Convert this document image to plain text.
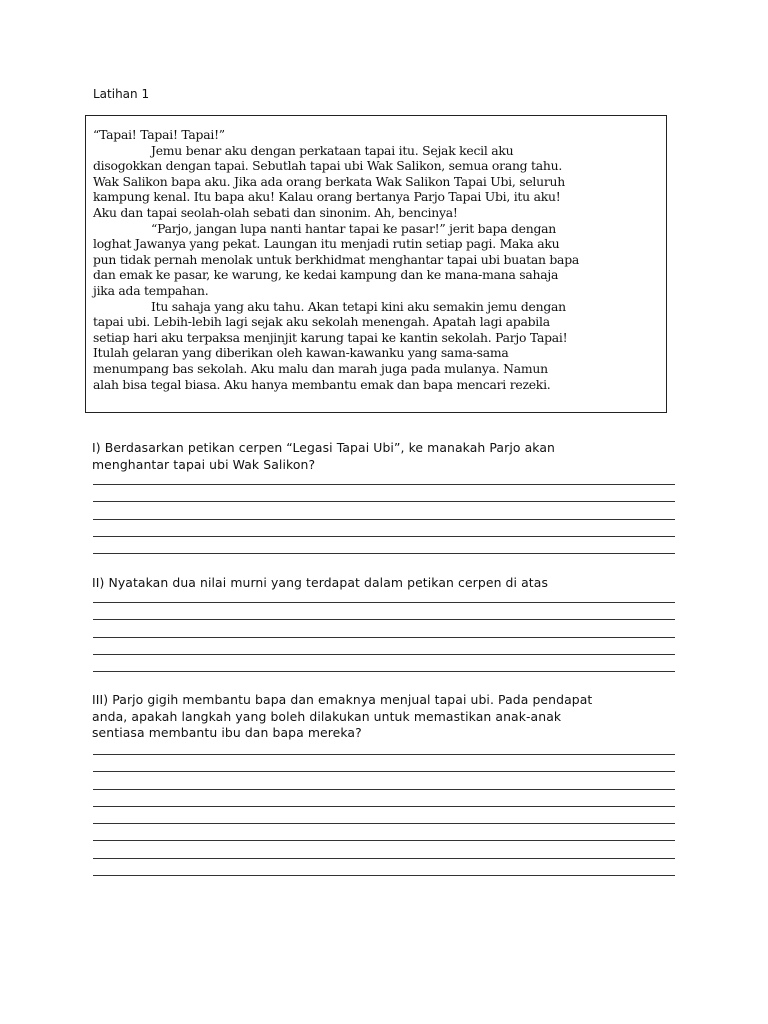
Latihan 1
“Tapai! Tapai! Tapai!”
Jemu benar aku dengan perkataan tapai itu. Sejak kecil aku
disogokkan dengan tapai. Sebutlah tapai ubi Wak Salikon, semua orang tahu.
Wak Salikon bapa aku. Jika ada orang berkata Wak Salikon Tapai Ubi, seluruh
kampung kenal. Itu bapa aku! Kalau orang bertanya Parjo Tapai Ubi, itu aku!
Aku dan tapai seolah-olah sebati dan sinonim. Ah, bencinya!
“Parjo, jangan lupa nanti hantar tapai ke pasar!” jerit bapa dengan
loghat Jawanya yang pekat. Laungan itu menjadi rutin setiap pagi. Maka aku
pun tidak pernah menolak untuk berkhidmat menghantar tapai ubi buatan bapa
dan emak ke pasar, ke warung, ke kedai kampung dan ke mana-mana sahaja
jika ada tempahan.
Itu sahaja yang aku tahu. Akan tetapi kini aku semakin jemu dengan
tapai ubi. Lebih-lebih lagi sejak aku sekolah menengah. Apatah lagi apabila
setiap hari aku terpaksa menjinjit karung tapai ke kantin sekolah. Parjo Tapai!
Itulah gelaran yang diberikan oleh kawan-kawanku yang sama-sama
menumpang bas sekolah. Aku malu dan marah juga pada mulanya. Namun
alah bisa tegal biasa. Aku hanya membantu emak dan bapa mencari rezeki.
I) Berdasarkan petikan cerpen “Legasi Tapai Ubi”, ke manakah Parjo akan
menghantar tapai ubi Wak Salikon?
II) Nyatakan dua nilai murni yang terdapat dalam petikan cerpen di atas
III) Parjo gigih membantu bapa dan emaknya menjual tapai ubi. Pada pendapat
anda, apakah langkah yang boleh dilakukan untuk memastikan anak-anak
sentiasa membantu ibu dan bapa mereka?
